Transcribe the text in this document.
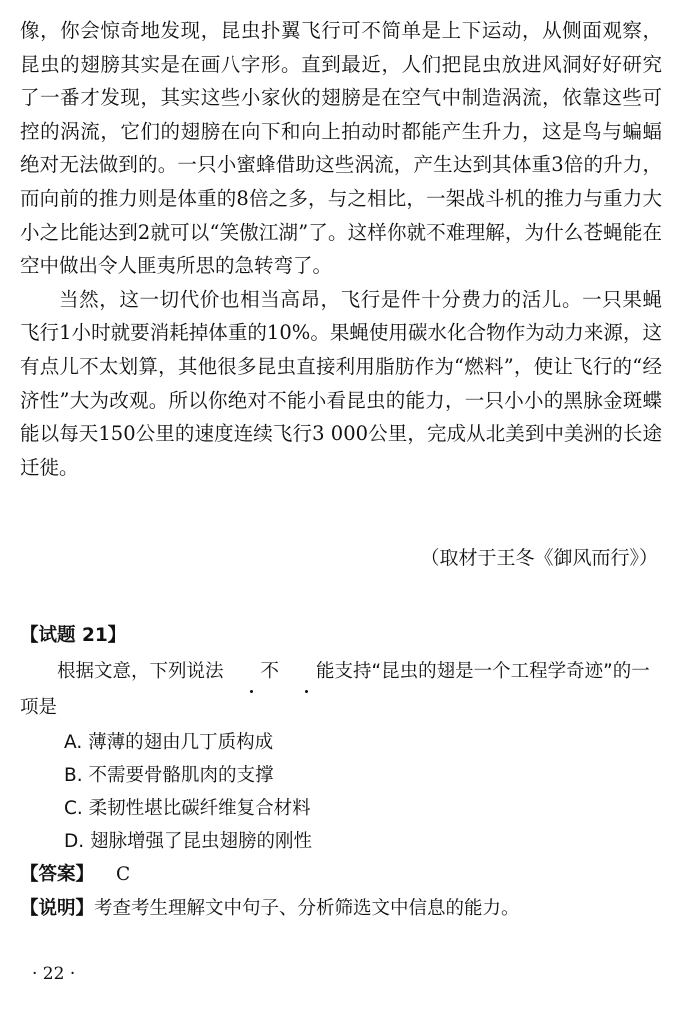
像，你会惊奇地发现，昆虫扑翼飞行可不简单是上下运动，从侧面观察，昆虫的翅膀其实是在画八字形。直到最近，人们把昆虫放进风洞好好研究了一番才发现，其实这些小家伙的翅膀是在空气中制造涡流，依靠这些可控的涡流，它们的翅膀在向下和向上拍动时都能产生升力，这是鸟与蝙蝠绝对无法做到的。一只小蜜蜂借助这些涡流，产生达到其体重3倍的升力，而向前的推力则是体重的8倍之多，与之相比，一架战斗机的推力与重力大小之比能达到2就可以“笑傲江湖”了。这样你就不难理解，为什么苍蝇能在空中做出令人匪夷所思的急转弯了。

当然，这一切代价也相当高昂，飞行是件十分费力的活儿。一只果蝇飞行1小时就要消耗掉体重的10%。果蝇使用碳水化合物作为动力来源，这有点儿不太划算，其他很多昆虫直接利用脂肪作为“燃料”，使让飞行的“经济性”大为改观。所以你绝对不能小看昆虫的能力，一只小小的黑脉金斑蝶能以每天150公里的速度连续飞行3 000公里，完成从北美到中美洲的长途迁徙。

（取材于王冬《御风而行》）
【试题 21】

根据文意，下列说法 不 能支持“昆虫的翅是一个工程学奇迹”的一项是

A. 薄薄的翅由几丁质构成
B. 不需要骨骼肌肉的支撑
C. 柔韧性堪比碳纤维复合材料
D. 翅脉增强了昆虫翅膀的刚性
【答案】 C
【说明】考查考生理解文中句子、分析筛选文中信息的能力。
· 22 ·
